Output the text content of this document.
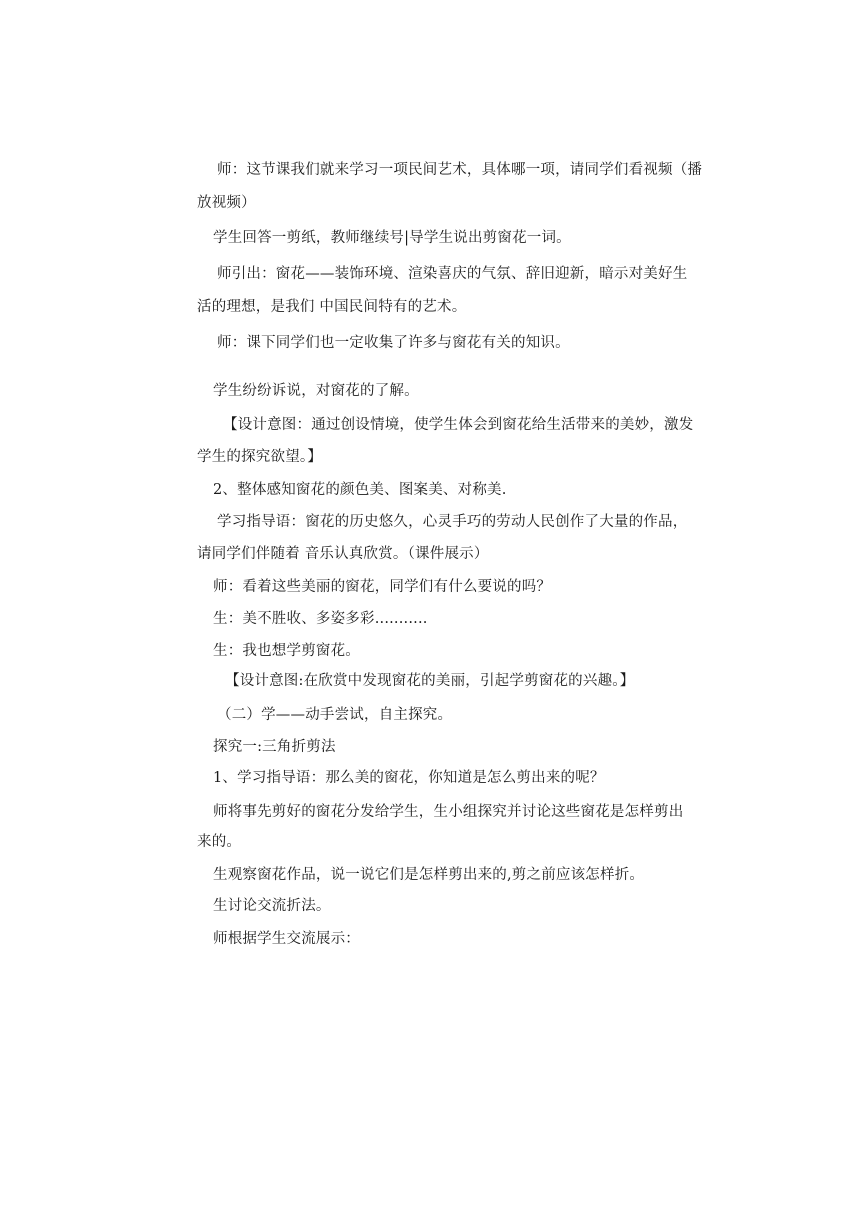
师：这节课我们就来学习一项民间艺术，具体哪一项，请同学们看视频（播
放视频）
学生回答一剪纸，教师继续号|导学生说出剪窗花一词。
师引出：窗花——装饰环境、渲染喜庆的气氛、辞旧迎新，暗示对美好生
活的理想，是我们 中国民间特有的艺术。
师：课下同学们也一定收集了许多与窗花有关的知识。
学生纷纷诉说，对窗花的了解。
【设计意图：通过创设情境，使学生体会到窗花给生活带来的美妙，激发
学生的探究欲望。】
2、整体感知窗花的颜色美、图案美、对称美.
学习指导语：窗花的历史悠久，心灵手巧的劳动人民创作了大量的作品，
请同学们伴随着 音乐认真欣赏。（课件展示）
师：看着这些美丽的窗花，同学们有什么要说的吗？
生：美不胜收、多姿多彩...........
生：我也想学剪窗花。
【设计意图:在欣赏中发现窗花的美丽，引起学剪窗花的兴趣。】
（二）学——动手尝试，自主探究。
探究一:三角折剪法
1、学习指导语：那么美的窗花，你知道是怎么剪出来的呢？
师将事先剪好的窗花分发给学生，生小组探究并讨论这些窗花是怎样剪出
来的。
生观察窗花作品，说一说它们是怎样剪出来的,剪之前应该怎样折。
生讨论交流折法。
师根据学生交流展示：
